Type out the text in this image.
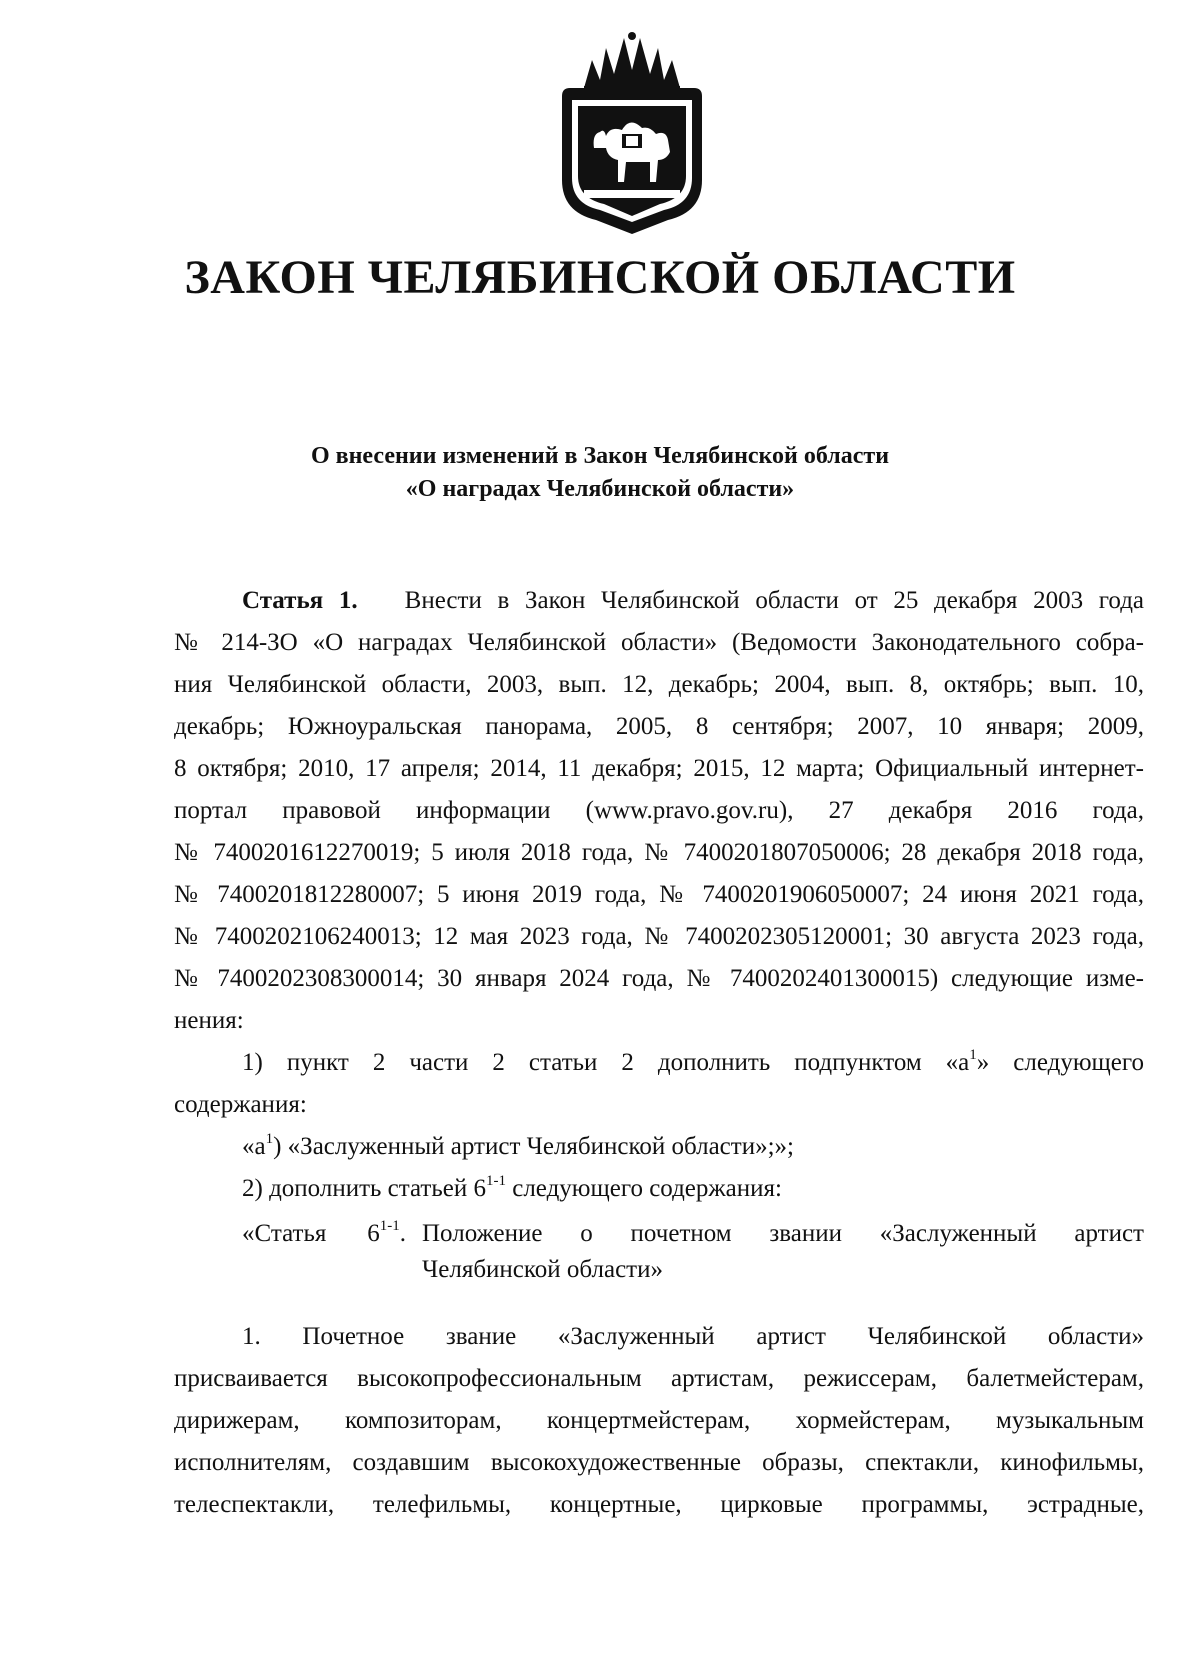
ЗАКОН ЧЕЛЯБИНСКОЙ ОБЛАСТИ
О внесении изменений в Закон Челябинской области
«О наградах Челябинской области»

Статья 1. Внести в Закон Челябинской области от 25 декабря 2003 года

№ 214-ЗО «О наградах Челябинской области» (Ведомости Законодательного собра-

ния Челябинской области, 2003, вып. 12, декабрь; 2004, вып. 8, октябрь; вып. 10,

декабрь; Южноуральская панорама, 2005, 8 сентября; 2007, 10 января; 2009,

8 октября; 2010, 17 апреля; 2014, 11 декабря; 2015, 12 марта; Официальный интернет-

портал правовой информации (www.pravo.gov.ru), 27 декабря 2016 года,

№ 7400201612270019; 5 июля 2018 года, № 7400201807050006; 28 декабря 2018 года,

№ 7400201812280007; 5 июня 2019 года, № 7400201906050007; 24 июня 2021 года,

№ 7400202106240013; 12 мая 2023 года, № 7400202305120001; 30 августа 2023 года,

№ 7400202308300014; 30 января 2024 года, № 7400202401300015) следующие изме-

нения:

1) пункт 2 части 2 статьи 2 дополнить подпунктом «$а^1$» следующего

содержания:

«$а^1$) «Заслуженный артист Челябинской области»;»;

2) дополнить статьей 6$^{1-1}$ следующего содержания:

«Статья 6$^{1-1}$. Положение о почетном звании «Заслуженный артист
Челябинской области»

1. Почетное звание «Заслуженный артист Челябинской области»

присваивается высокопрофессиональным артистам, режиссерам, балетмейстерам,

дирижерам, композиторам, концертмейстерам, хормейстерам, музыкальным

исполнителям, создавшим высокохудожественные образы, спектакли, кинофильмы,

телеспектакли, телефильмы, концертные, цирковые программы, эстрадные,
